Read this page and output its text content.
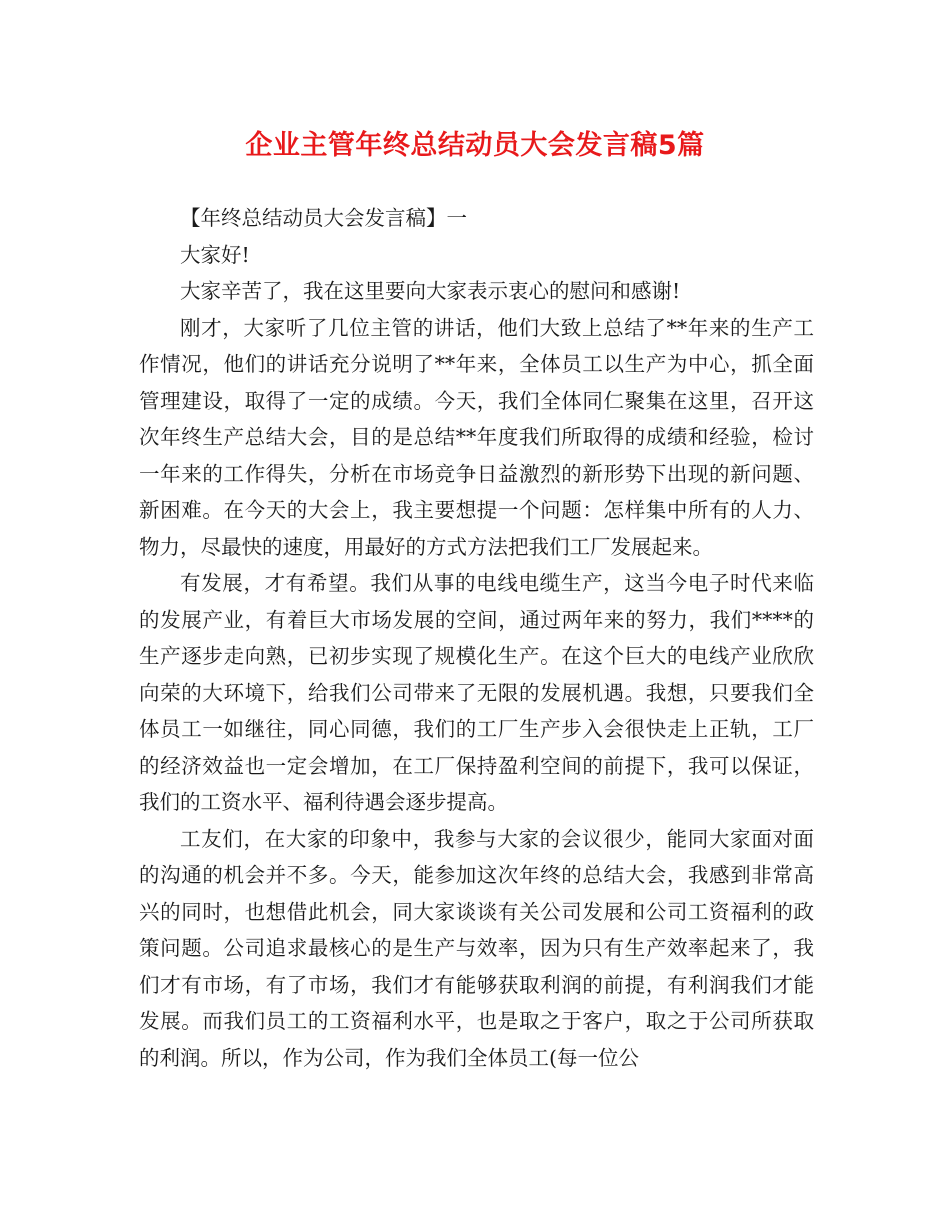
企业主管年终总结动员大会发言稿5篇

【年终总结动员大会发言稿】一

大家好!

大家辛苦了，我在这里要向大家表示衷心的慰问和感谢!

刚才，大家听了几位主管的讲话，他们大致上总结了**年来的生产工作情况，他们的讲话充分说明了**年来，全体员工以生产为中心，抓全面管理建设，取得了一定的成绩。今天，我们全体同仁聚集在这里，召开这次年终生产总结大会，目的是总结**年度我们所取得的成绩和经验，检讨一年来的工作得失，分析在市场竞争日益激烈的新形势下出现的新问题、新困难。在今天的大会上，我主要想提一个问题：怎样集中所有的人力、物力，尽最快的速度，用最好的方式方法把我们工厂发展起来。

有发展，才有希望。我们从事的电线电缆生产，这当今电子时代来临的发展产业，有着巨大市场发展的空间，通过两年来的努力，我们****的生产逐步走向熟，已初步实现了规模化生产。在这个巨大的电线产业欣欣向荣的大环境下，给我们公司带来了无限的发展机遇。我想，只要我们全体员工一如继往，同心同德，我们的工厂生产步入会很快走上正轨，工厂的经济效益也一定会增加，在工厂保持盈利空间的前提下，我可以保证，我们的工资水平、福利待遇会逐步提高。

工友们，在大家的印象中，我参与大家的会议很少，能同大家面对面的沟通的机会并不多。今天，能参加这次年终的总结大会，我感到非常高兴的同时，也想借此机会，同大家谈谈有关公司发展和公司工资福利的政策问题。公司追求最核心的是生产与效率，因为只有生产效率起来了，我们才有市场，有了市场，我们才有能够获取利润的前提，有利润我们才能发展。而我们员工的工资福利水平，也是取之于客户，取之于公司所获取的利润。所以，作为公司，作为我们全体员工(每一位公
